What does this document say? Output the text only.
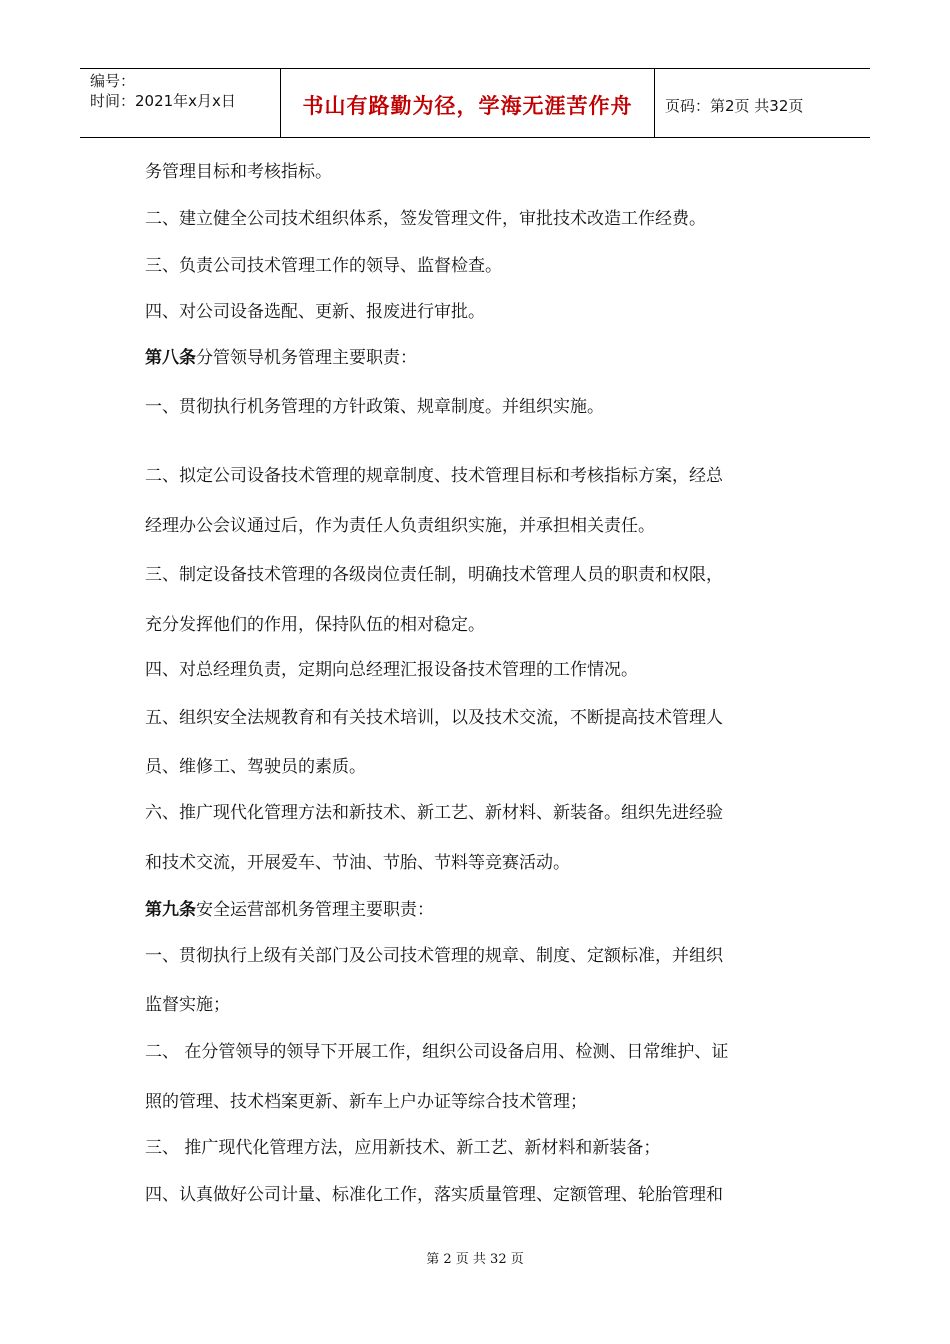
编号：
时间：2021年x月x日	书山有路勤为径，学海无涯苦作舟 页码：第2页 共32页
务管理目标和考核指标。
二、建立健全公司技术组织体系，签发管理文件，审批技术改造工作经费。
三、负责公司技术管理工作的领导、监督检查。
四、对公司设备选配、更新、报废进行审批。
第八条分管领导机务管理主要职责：
一、贯彻执行机务管理的方针政策、规章制度。并组织实施。
二、拟定公司设备技术管理的规章制度、技术管理目标和考核指标方案，经总
经理办公会议通过后，作为责任人负责组织实施，并承担相关责任。
三、制定设备技术管理的各级岗位责任制，明确技术管理人员的职责和权限，
充分发挥他们的作用，保持队伍的相对稳定。
四、对总经理负责，定期向总经理汇报设备技术管理的工作情况。
五、组织安全法规教育和有关技术培训，以及技术交流，不断提高技术管理人
员、维修工、驾驶员的素质。
六、推广现代化管理方法和新技术、新工艺、新材料、新装备。组织先进经验
和技术交流，开展爱车、节油、节胎、节料等竞赛活动。
第九条安全运营部机务管理主要职责：
一、贯彻执行上级有关部门及公司技术管理的规章、制度、定额标准，并组织
监督实施；
二、 在分管领导的领导下开展工作，组织公司设备启用、检测、日常维护、证
照的管理、技术档案更新、新车上户办证等综合技术管理；
三、 推广现代化管理方法，应用新技术、新工艺、新材料和新装备；
四、认真做好公司计量、标准化工作，落实质量管理、定额管理、轮胎管理和
第 2 页 共 32 页
